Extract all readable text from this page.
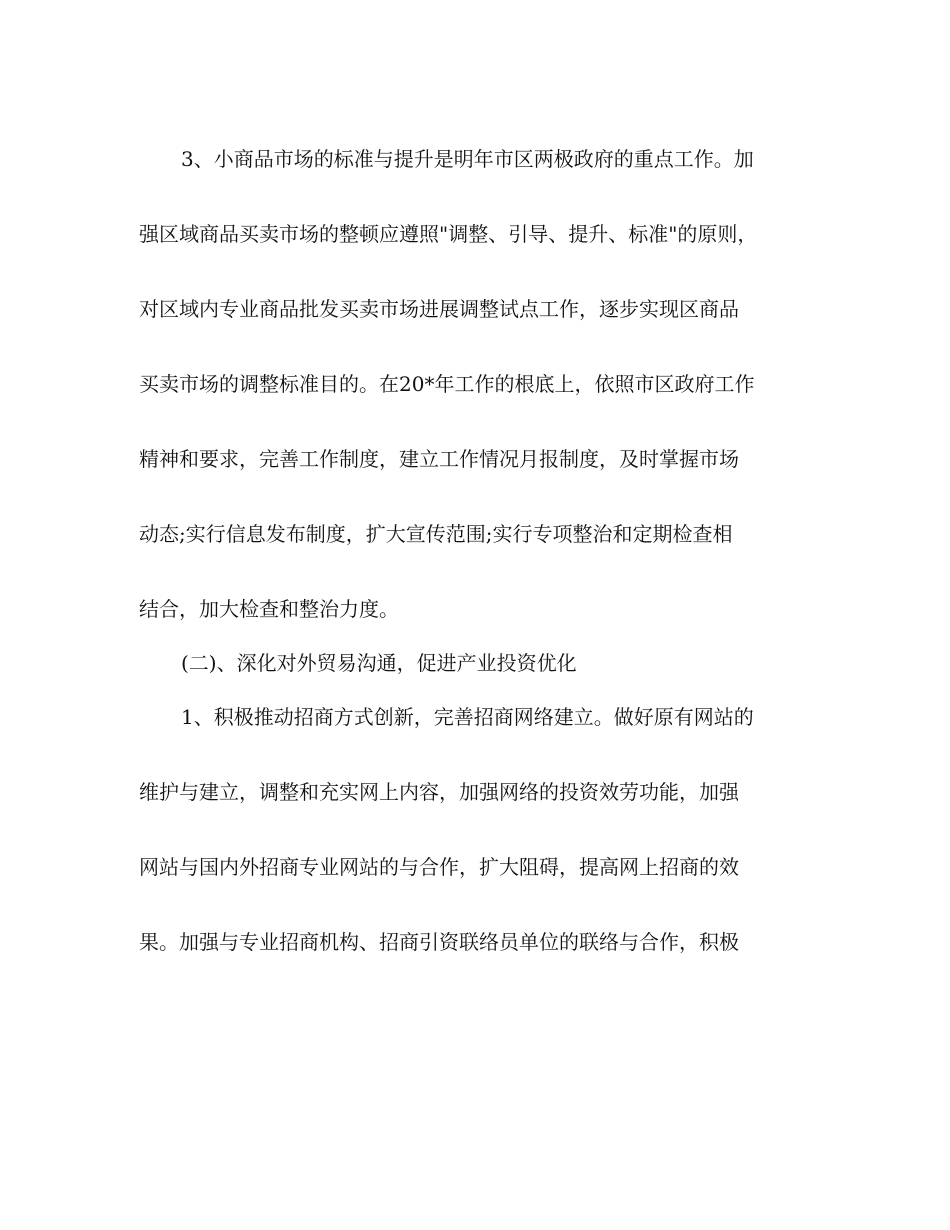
3、小商品市场的标准与提升是明年市区两极政府的重点工作。加
强区域商品买卖市场的整顿应遵照"调整、引导、提升、标准"的原则，
对区域内专业商品批发买卖市场进展调整试点工作，逐步实现区商品
买卖市场的调整标准目的。在20*年工作的根底上，依照市区政府工作
精神和要求，完善工作制度，建立工作情况月报制度，及时掌握市场
动态;实行信息发布制度，扩大宣传范围;实行专项整治和定期检查相
结合，加大检查和整治力度。
(二)、深化对外贸易沟通，促进产业投资优化
1、积极推动招商方式创新，完善招商网络建立。做好原有网站的
维护与建立，调整和充实网上内容，加强网络的投资效劳功能，加强
网站与国内外招商专业网站的与合作，扩大阻碍，提高网上招商的效
果。加强与专业招商机构、招商引资联络员单位的联络与合作，积极
